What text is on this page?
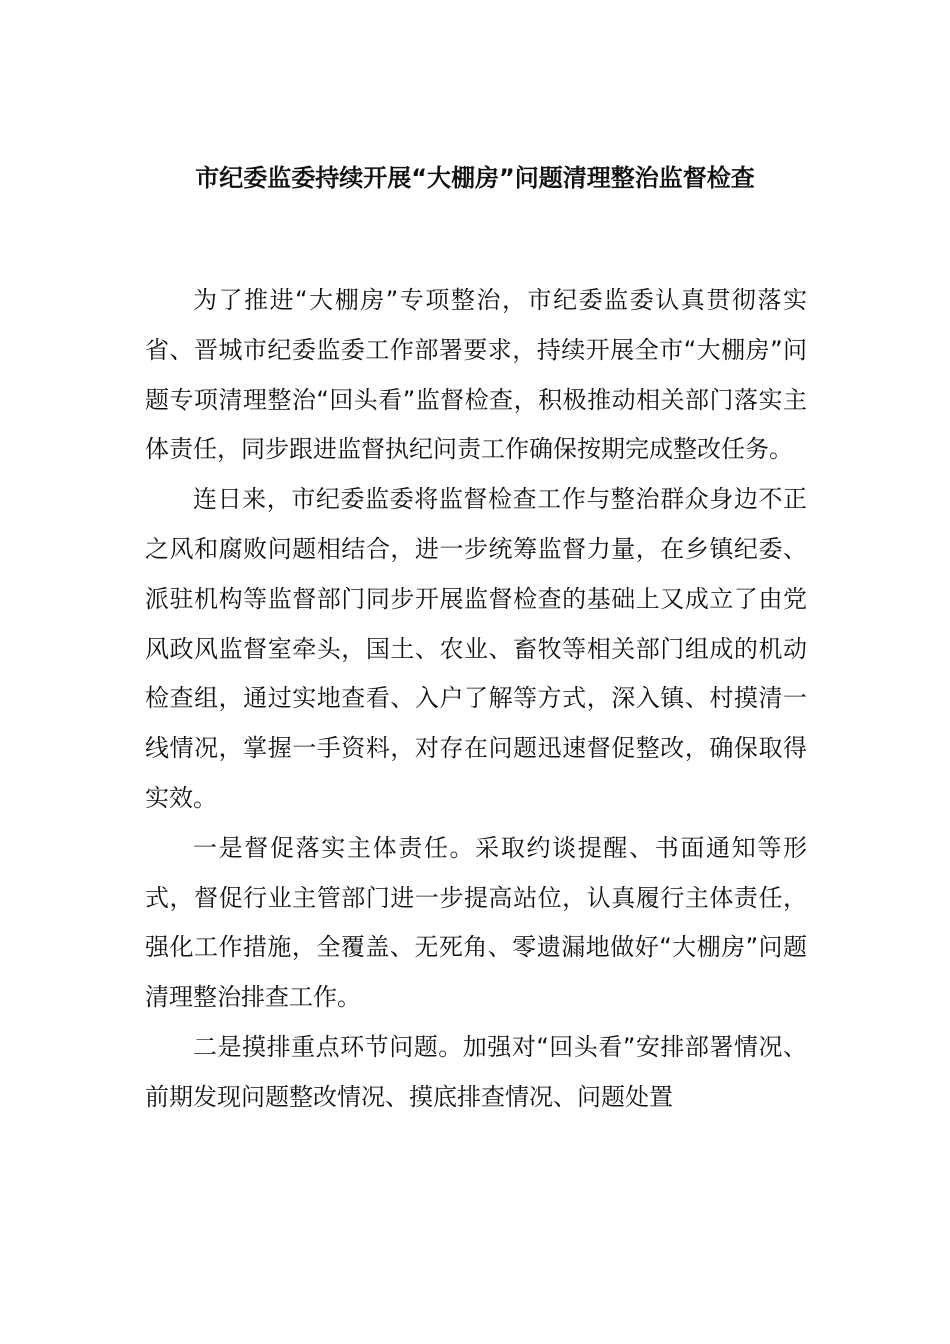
市纪委监委持续开展“大棚房”问题清理整治监督检查

为了推进“大棚房”专项整治，市纪委监委认真贯彻落实省、晋城市纪委监委工作部署要求，持续开展全市“大棚房”问题专项清理整治“回头看”监督检查，积极推动相关部门落实主体责任，同步跟进监督执纪问责工作确保按期完成整改任务。

连日来，市纪委监委将监督检查工作与整治群众身边不正之风和腐败问题相结合，进一步统筹监督力量，在乡镇纪委、派驻机构等监督部门同步开展监督检查的基础上又成立了由党风政风监督室牵头，国土、农业、畜牧等相关部门组成的机动检查组，通过实地查看、入户了解等方式，深入镇、村摸清一线情况，掌握一手资料，对存在问题迅速督促整改，确保取得实效。

一是督促落实主体责任。采取约谈提醒、书面通知等形式，督促行业主管部门进一步提高站位，认真履行主体责任，强化工作措施，全覆盖、无死角、零遗漏地做好“大棚房”问题清理整治排查工作。

二是摸排重点环节问题。加强对“回头看”安排部署情况、前期发现问题整改情况、摸底排查情况、问题处置
